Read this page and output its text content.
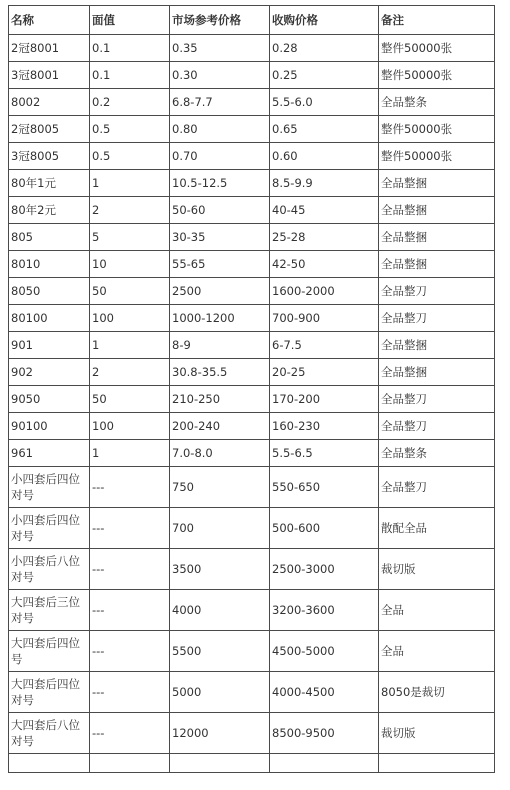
名称	面值	市场参考价格	收购价格	备注
2冠8001	0.1	0.35	0.28	整件50000张
3冠8001	0.1	0.30	0.25	整件50000张
8002	0.2	6.8-7.7	5.5-6.0	全品整条
2冠8005	0.5	0.80	0.65	整件50000张
3冠8005	0.5	0.70	0.60	整件50000张
80年1元	1	10.5-12.5	8.5-9.9	全品整捆
80年2元	2	50-60	40-45	全品整捆
805	5	30-35	25-28	全品整捆
8010	10	55-65	42-50	全品整捆
8050	50	2500	1600-2000	全品整刀
80100	100	1000-1200	700-900	全品整刀
901	1	8-9	6-7.5	全品整捆
902	2	30.8-35.5	20-25	全品整捆
9050	50	210-250	170-200	全品整刀
90100	100	200-240	160-230	全品整刀
961	1	7.0-8.0	5.5-6.5	全品整条
小四套后四位对号	---	750	550-650	全品整刀
小四套后四位对号	---	700	500-600	散配全品
小四套后八位对号	---	3500	2500-3000	裁切版
大四套后三位对号	---	4000	3200-3600	全品
大四套后四位号	---	5500	4500-5000	全品
大四套后四位对号	---	5000	4000-4500	8050是裁切
大四套后八位对号	---	12000	8500-9500	裁切版
